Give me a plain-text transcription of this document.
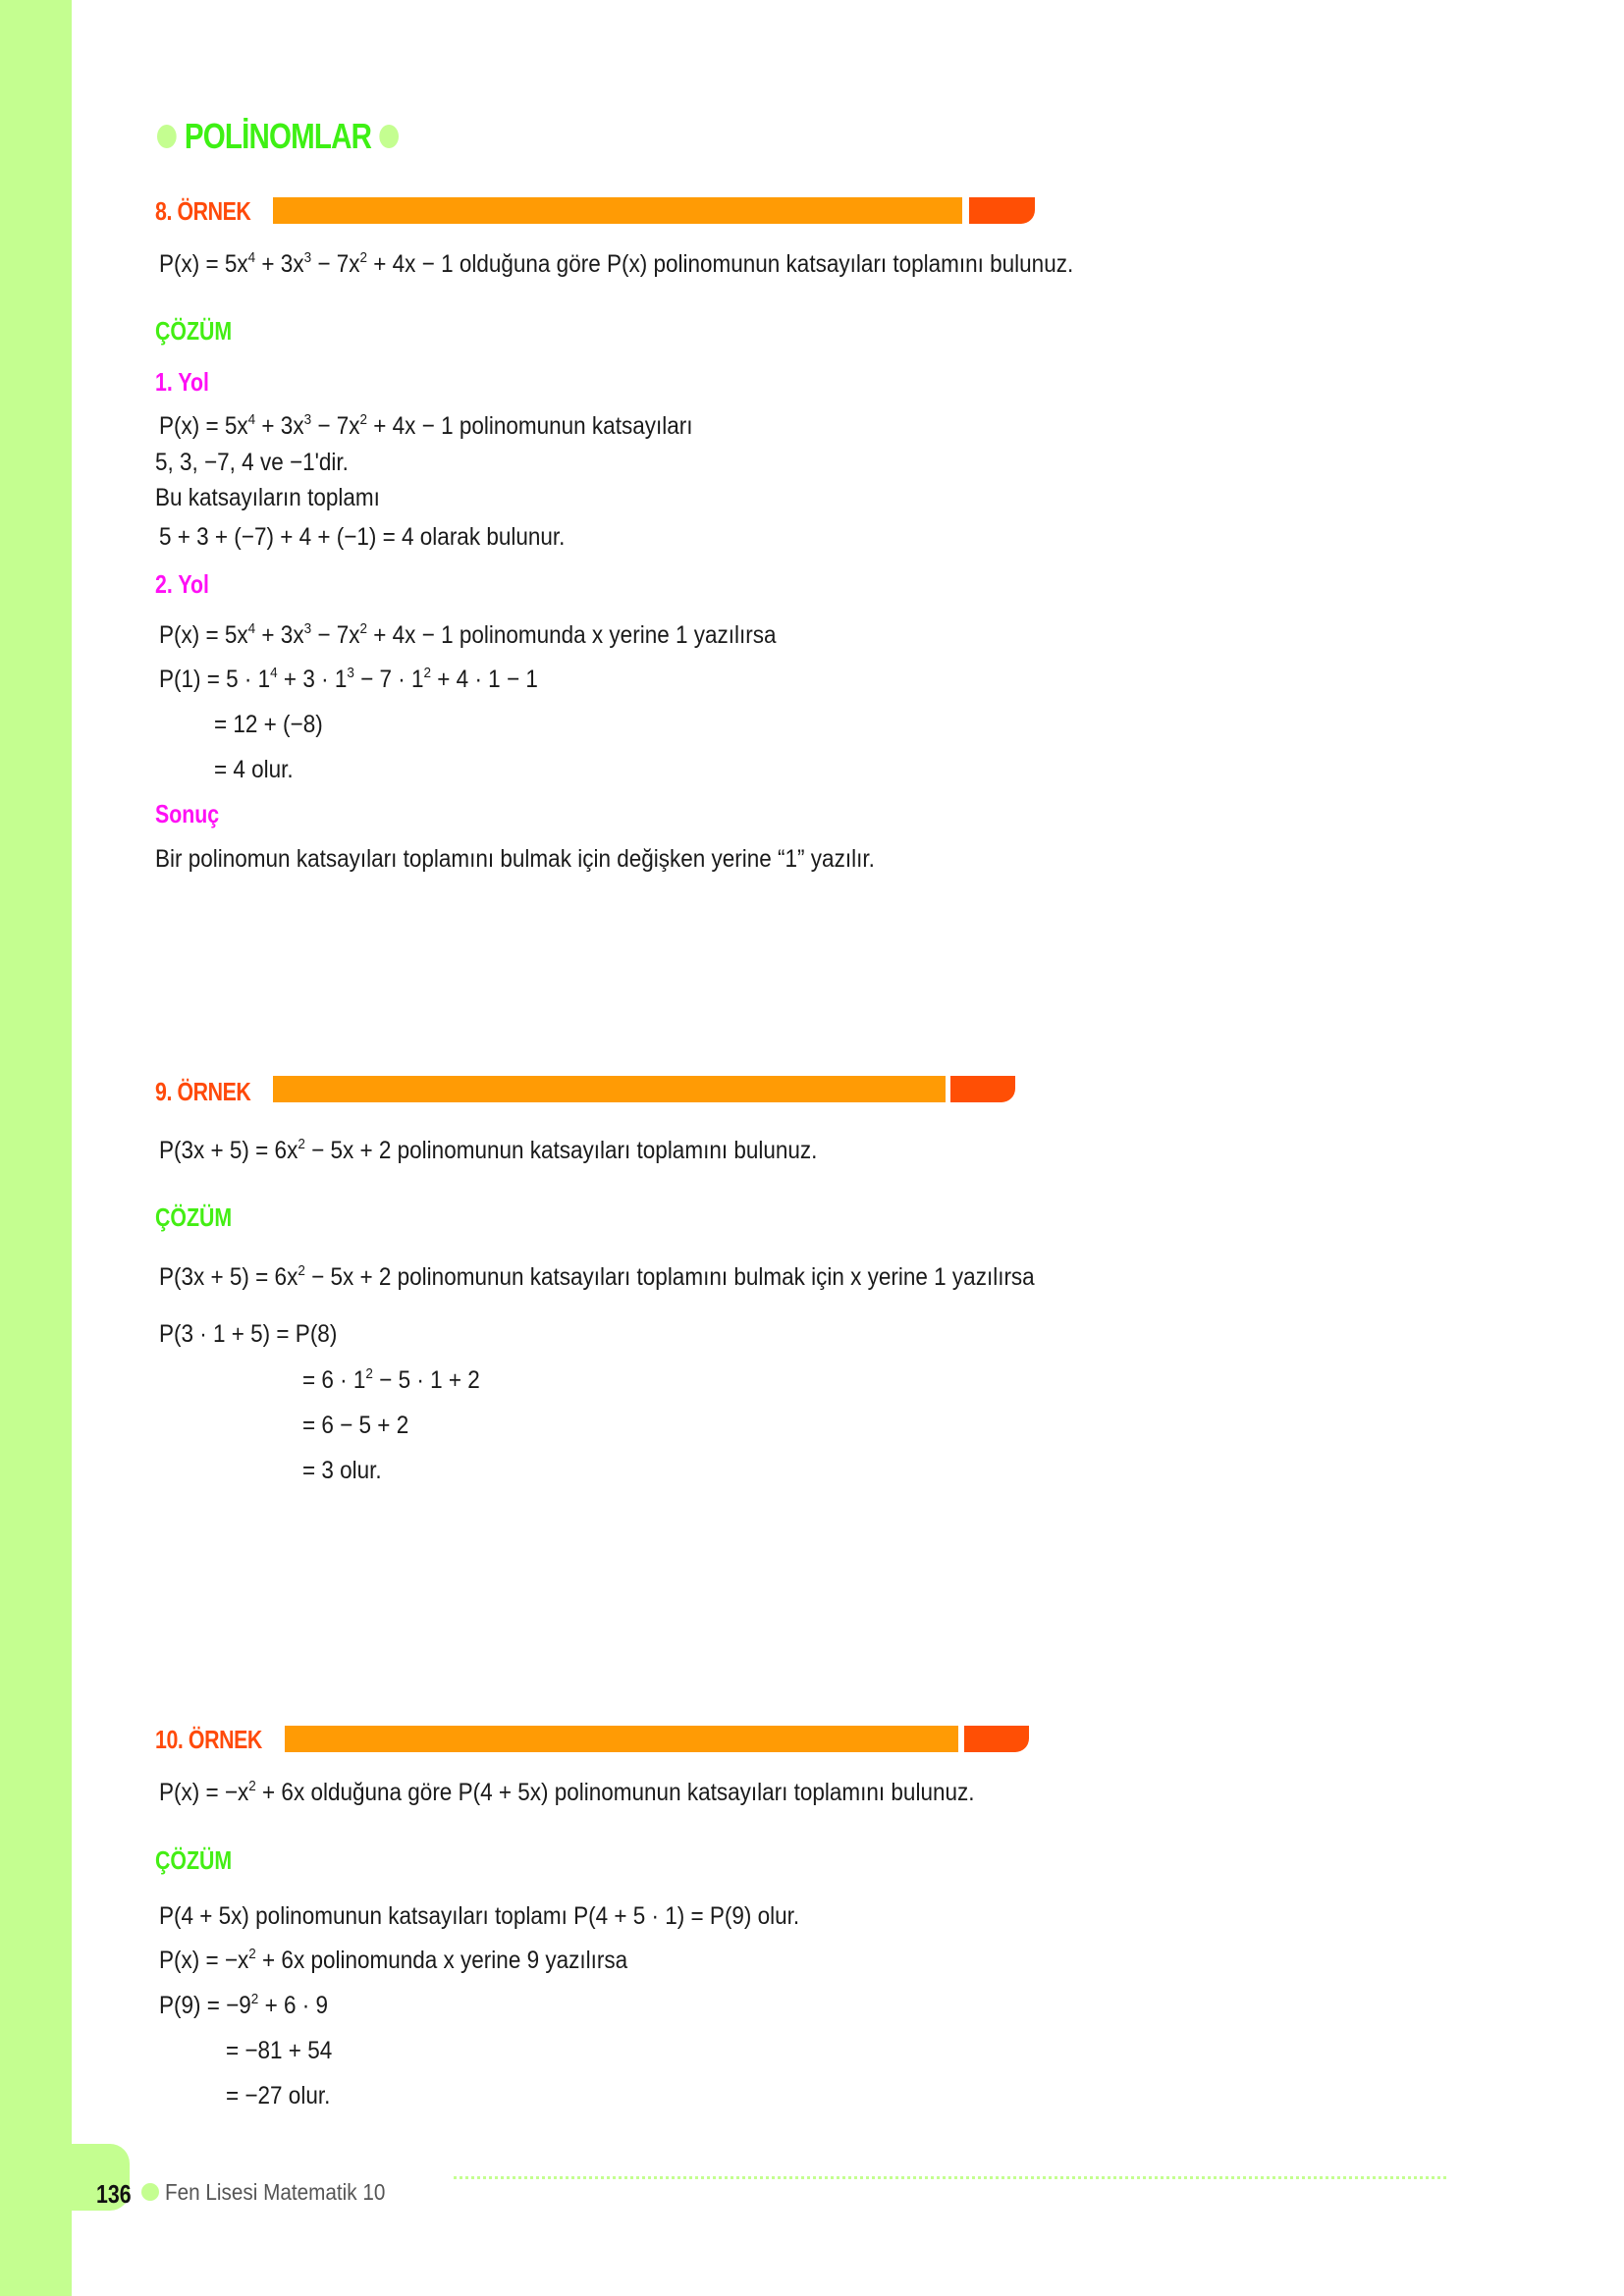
POLİNOMLAR
8. ÖRNEK
$P(x) = 5x^4 + 3x^3 - 7x^2 + 4x - 1$ olduğuna göre P(x) polinomunun katsayıları toplamını bulunuz.
ÇÖZÜM
1. Yol
$P(x) = 5x^4 + 3x^3 - 7x^2 + 4x - 1$ polinomunun katsayıları
5, 3, −7, 4 ve −1'dir.
Bu katsayıların toplamı
5 + 3 + (−7) + 4 + (−1) = 4 olarak bulunur.
2. Yol
$P(x) = 5x^4 + 3x^3 - 7x^2 + 4x - 1$ polinomunda x yerine 1 yazılırsa
$P(1) = 5 \cdot 1^4 + 3 \cdot 1^3 - 7 \cdot 1^2 + 4 \cdot 1 - 1$
= 12 + (−8)
= 4 olur.
Sonuç
Bir polinomun katsayıları toplamını bulmak için değişken yerine “1” yazılır.
9. ÖRNEK
$P(3x + 5) = 6x^2 - 5x + 2$ polinomunun katsayıları toplamını bulunuz.
ÇÖZÜM
$P(3x + 5) = 6x^2 - 5x + 2$ polinomunun katsayıları toplamını bulmak için x yerine 1 yazılırsa
P(3 · 1 + 5) = P(8)
= $6 \cdot 1^2 - 5 \cdot 1 + 2$
= 6 − 5 + 2
= 3 olur.
10. ÖRNEK
$P(x) = -x^2 + 6x$ olduğuna göre P(4 + 5x) polinomunun katsayıları toplamını bulunuz.
ÇÖZÜM
P(4 + 5x) polinomunun katsayıları toplamı P(4 + 5 · 1) = P(9) olur.
$P(x) = -x^2 + 6x$ polinomunda x yerine 9 yazılırsa
$P(9) = -9^2 + 6 \cdot 9$
= −81 + 54
= −27 olur.
136 Fen Lisesi Matematik 10
